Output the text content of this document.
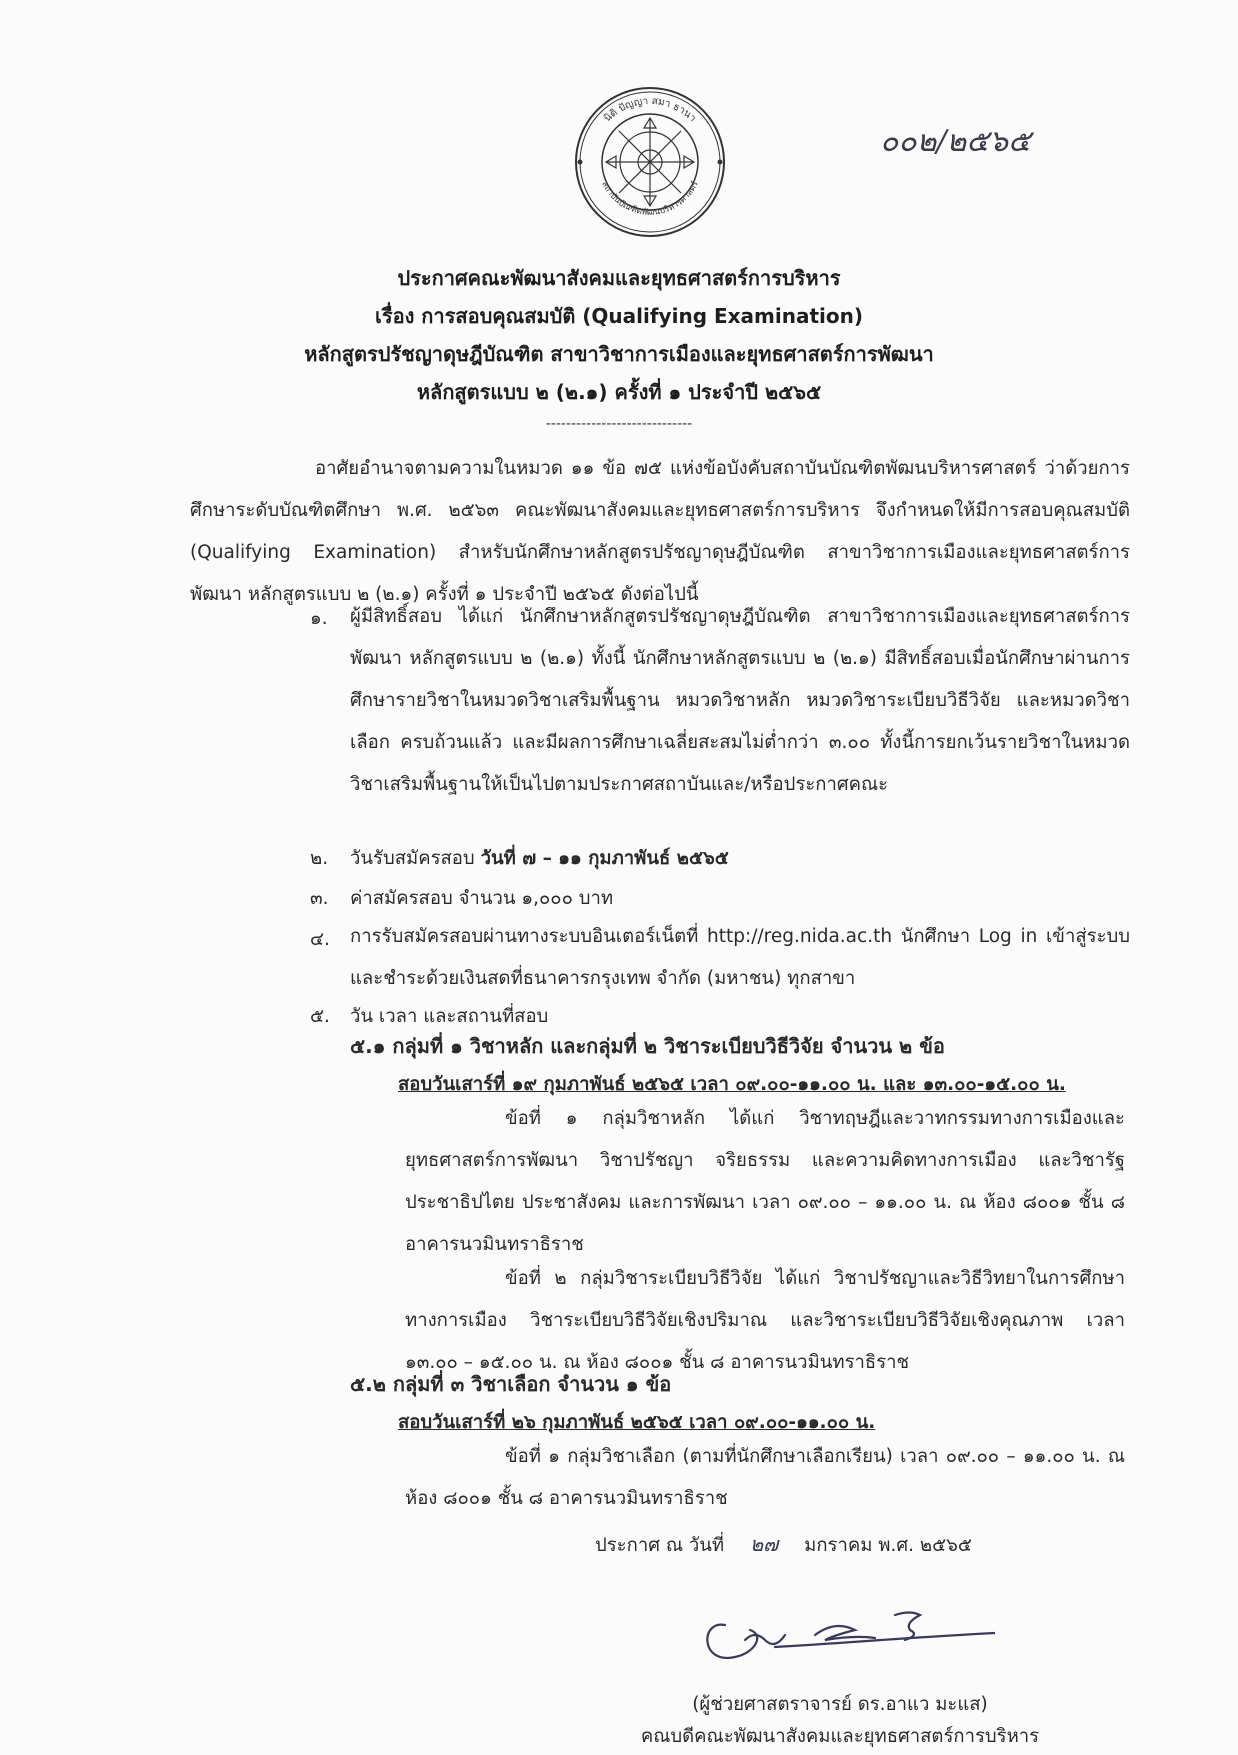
นิติ ปัญญา สมา ธานา
สถาบันบัณฑิตพัฒนบริหารศาสตร์
๐๐๒/๒๕๖๕
ประกาศคณะพัฒนาสังคมและยุทธศาสตร์การบริหาร
เรื่อง การสอบคุณสมบัติ (Qualifying Examination)
หลักสูตรปรัชญาดุษฎีบัณฑิต สาขาวิชาการเมืองและยุทธศาสตร์การพัฒนา
หลักสูตรแบบ ๒ (๒.๑) ครั้งที่ ๑ ประจำปี ๒๕๖๕
-----------------------------
อาศัยอำนาจตามความในหมวด ๑๑ ข้อ ๗๕ แห่งข้อบังคับสถาบันบัณฑิตพัฒนบริหารศาสตร์ ว่าด้วยการศึกษาระดับบัณฑิตศึกษา พ.ศ. ๒๕๖๓ คณะพัฒนาสังคมและยุทธศาสตร์การบริหาร จึงกำหนดให้มีการสอบคุณสมบัติ (Qualifying Examination) สำหรับนักศึกษาหลักสูตรปรัชญาดุษฎีบัณฑิต สาขาวิชาการเมืองและยุทธศาสตร์การพัฒนา หลักสูตรแบบ ๒ (๒.๑) ครั้งที่ ๑ ประจำปี ๒๕๖๕ ดังต่อไปนี้
๑. ผู้มีสิทธิ์สอบ ได้แก่ นักศึกษาหลักสูตรปรัชญาดุษฎีบัณฑิต สาขาวิชาการเมืองและยุทธศาสตร์การพัฒนา หลักสูตรแบบ ๒ (๒.๑) ทั้งนี้ นักศึกษาหลักสูตรแบบ ๒ (๒.๑) มีสิทธิ์สอบเมื่อนักศึกษาผ่านการศึกษารายวิชาในหมวดวิชาเสริมพื้นฐาน หมวดวิชาหลัก หมวดวิชาระเบียบวิธีวิจัย และหมวดวิชาเลือก ครบถ้วนแล้ว และมีผลการศึกษาเฉลี่ยสะสมไม่ต่ำกว่า ๓.๐๐ ทั้งนี้การยกเว้นรายวิชาในหมวดวิชาเสริมพื้นฐานให้เป็นไปตามประกาศสถาบันและ/หรือประกาศคณะ
๒. วันรับสมัครสอบ วันที่ ๗ – ๑๑ กุมภาพันธ์ ๒๕๖๕
๓. ค่าสมัครสอบ จำนวน ๑,๐๐๐ บาท
๔. การรับสมัครสอบผ่านทางระบบอินเตอร์เน็ตที่ http://reg.nida.ac.th นักศึกษา Log in เข้าสู่ระบบ และชำระด้วยเงินสดที่ธนาคารกรุงเทพ จำกัด (มหาชน) ทุกสาขา
๕. วัน เวลา และสถานที่สอบ
๕.๑ กลุ่มที่ ๑ วิชาหลัก และกลุ่มที่ ๒ วิชาระเบียบวิธีวิจัย จำนวน ๒ ข้อ
สอบวันเสาร์ที่ ๑๙ กุมภาพันธ์ ๒๕๖๕ เวลา ๐๙.๐๐-๑๑.๐๐ น. และ ๑๓.๐๐-๑๕.๐๐ น.
ข้อที่ ๑ กลุ่มวิชาหลัก ได้แก่ วิชาทฤษฎีและวาทกรรมทางการเมืองและยุทธศาสตร์การพัฒนา วิชาปรัชญา จริยธรรม และความคิดทางการเมือง และวิชารัฐประชาธิปไตย ประชาสังคม และการพัฒนา เวลา ๐๙.๐๐ – ๑๑.๐๐ น. ณ ห้อง ๘๐๐๑ ชั้น ๘ อาคารนวมินทราธิราช
ข้อที่ ๒ กลุ่มวิชาระเบียบวิธีวิจัย ได้แก่ วิชาปรัชญาและวิธีวิทยาในการศึกษาทางการเมือง วิชาระเบียบวิธีวิจัยเชิงปริมาณ และวิชาระเบียบวิธีวิจัยเชิงคุณภาพ เวลา ๑๓.๐๐ – ๑๕.๐๐ น. ณ ห้อง ๘๐๐๑ ชั้น ๘ อาคารนวมินทราธิราช
๕.๒ กลุ่มที่ ๓ วิชาเลือก จำนวน ๑ ข้อ
สอบวันเสาร์ที่ ๒๖ กุมภาพันธ์ ๒๕๖๕ เวลา ๐๙.๐๐-๑๑.๐๐ น.
ข้อที่ ๑ กลุ่มวิชาเลือก (ตามที่นักศึกษาเลือกเรียน) เวลา ๐๙.๐๐ – ๑๑.๐๐ น. ณ ห้อง ๘๐๐๑ ชั้น ๘ อาคารนวมินทราธิราช
ประกาศ ณ วันที่ ๒๗ มกราคม พ.ศ. ๒๕๖๕
(ผู้ช่วยศาสตราจารย์ ดร.อาแว มะแส)
คณบดีคณะพัฒนาสังคมและยุทธศาสตร์การบริหาร
